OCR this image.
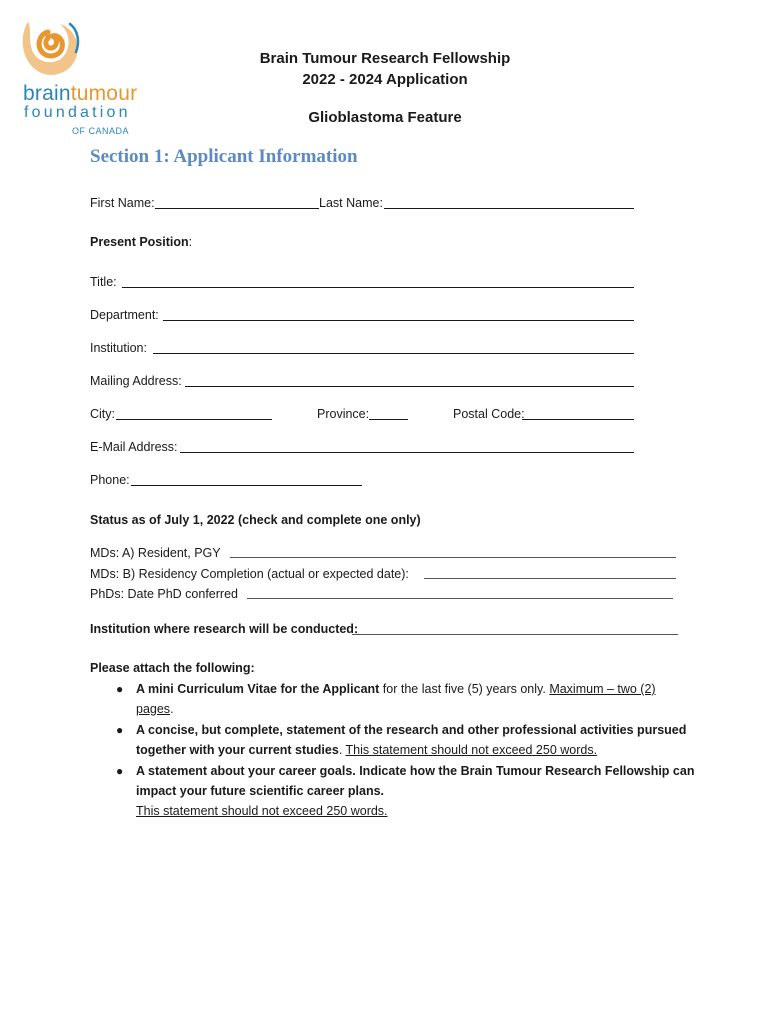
braintumour
foundation
OF CANADA
Brain Tumour Research Fellowship
2022 - 2024 Application
Glioblastoma Feature
Section 1: Applicant Information
First Name:	Last Name:
Present Position:
Title:
Department:
Institution:
Mailing Address:
City:	Province:	Postal Code:
E-Mail Address:
Phone:
Status as of July 1, 2022 (check and complete one only)
MDs: A) Resident, PGY
MDs: B) Residency Completion (actual or expected date):
PhDs: Date PhD conferred
Institution where research will be conducted:
Please attach the following:
● A mini Curriculum Vitae for the Applicant for the last five (5) years only. Maximum – two (2)
pages.
● A concise, but complete, statement of the research and other professional activities pursued
together with your current studies. This statement should not exceed 250 words.
● A statement about your career goals. Indicate how the Brain Tumour Research Fellowship can
impact your future scientific career plans.
This statement should not exceed 250 words.
